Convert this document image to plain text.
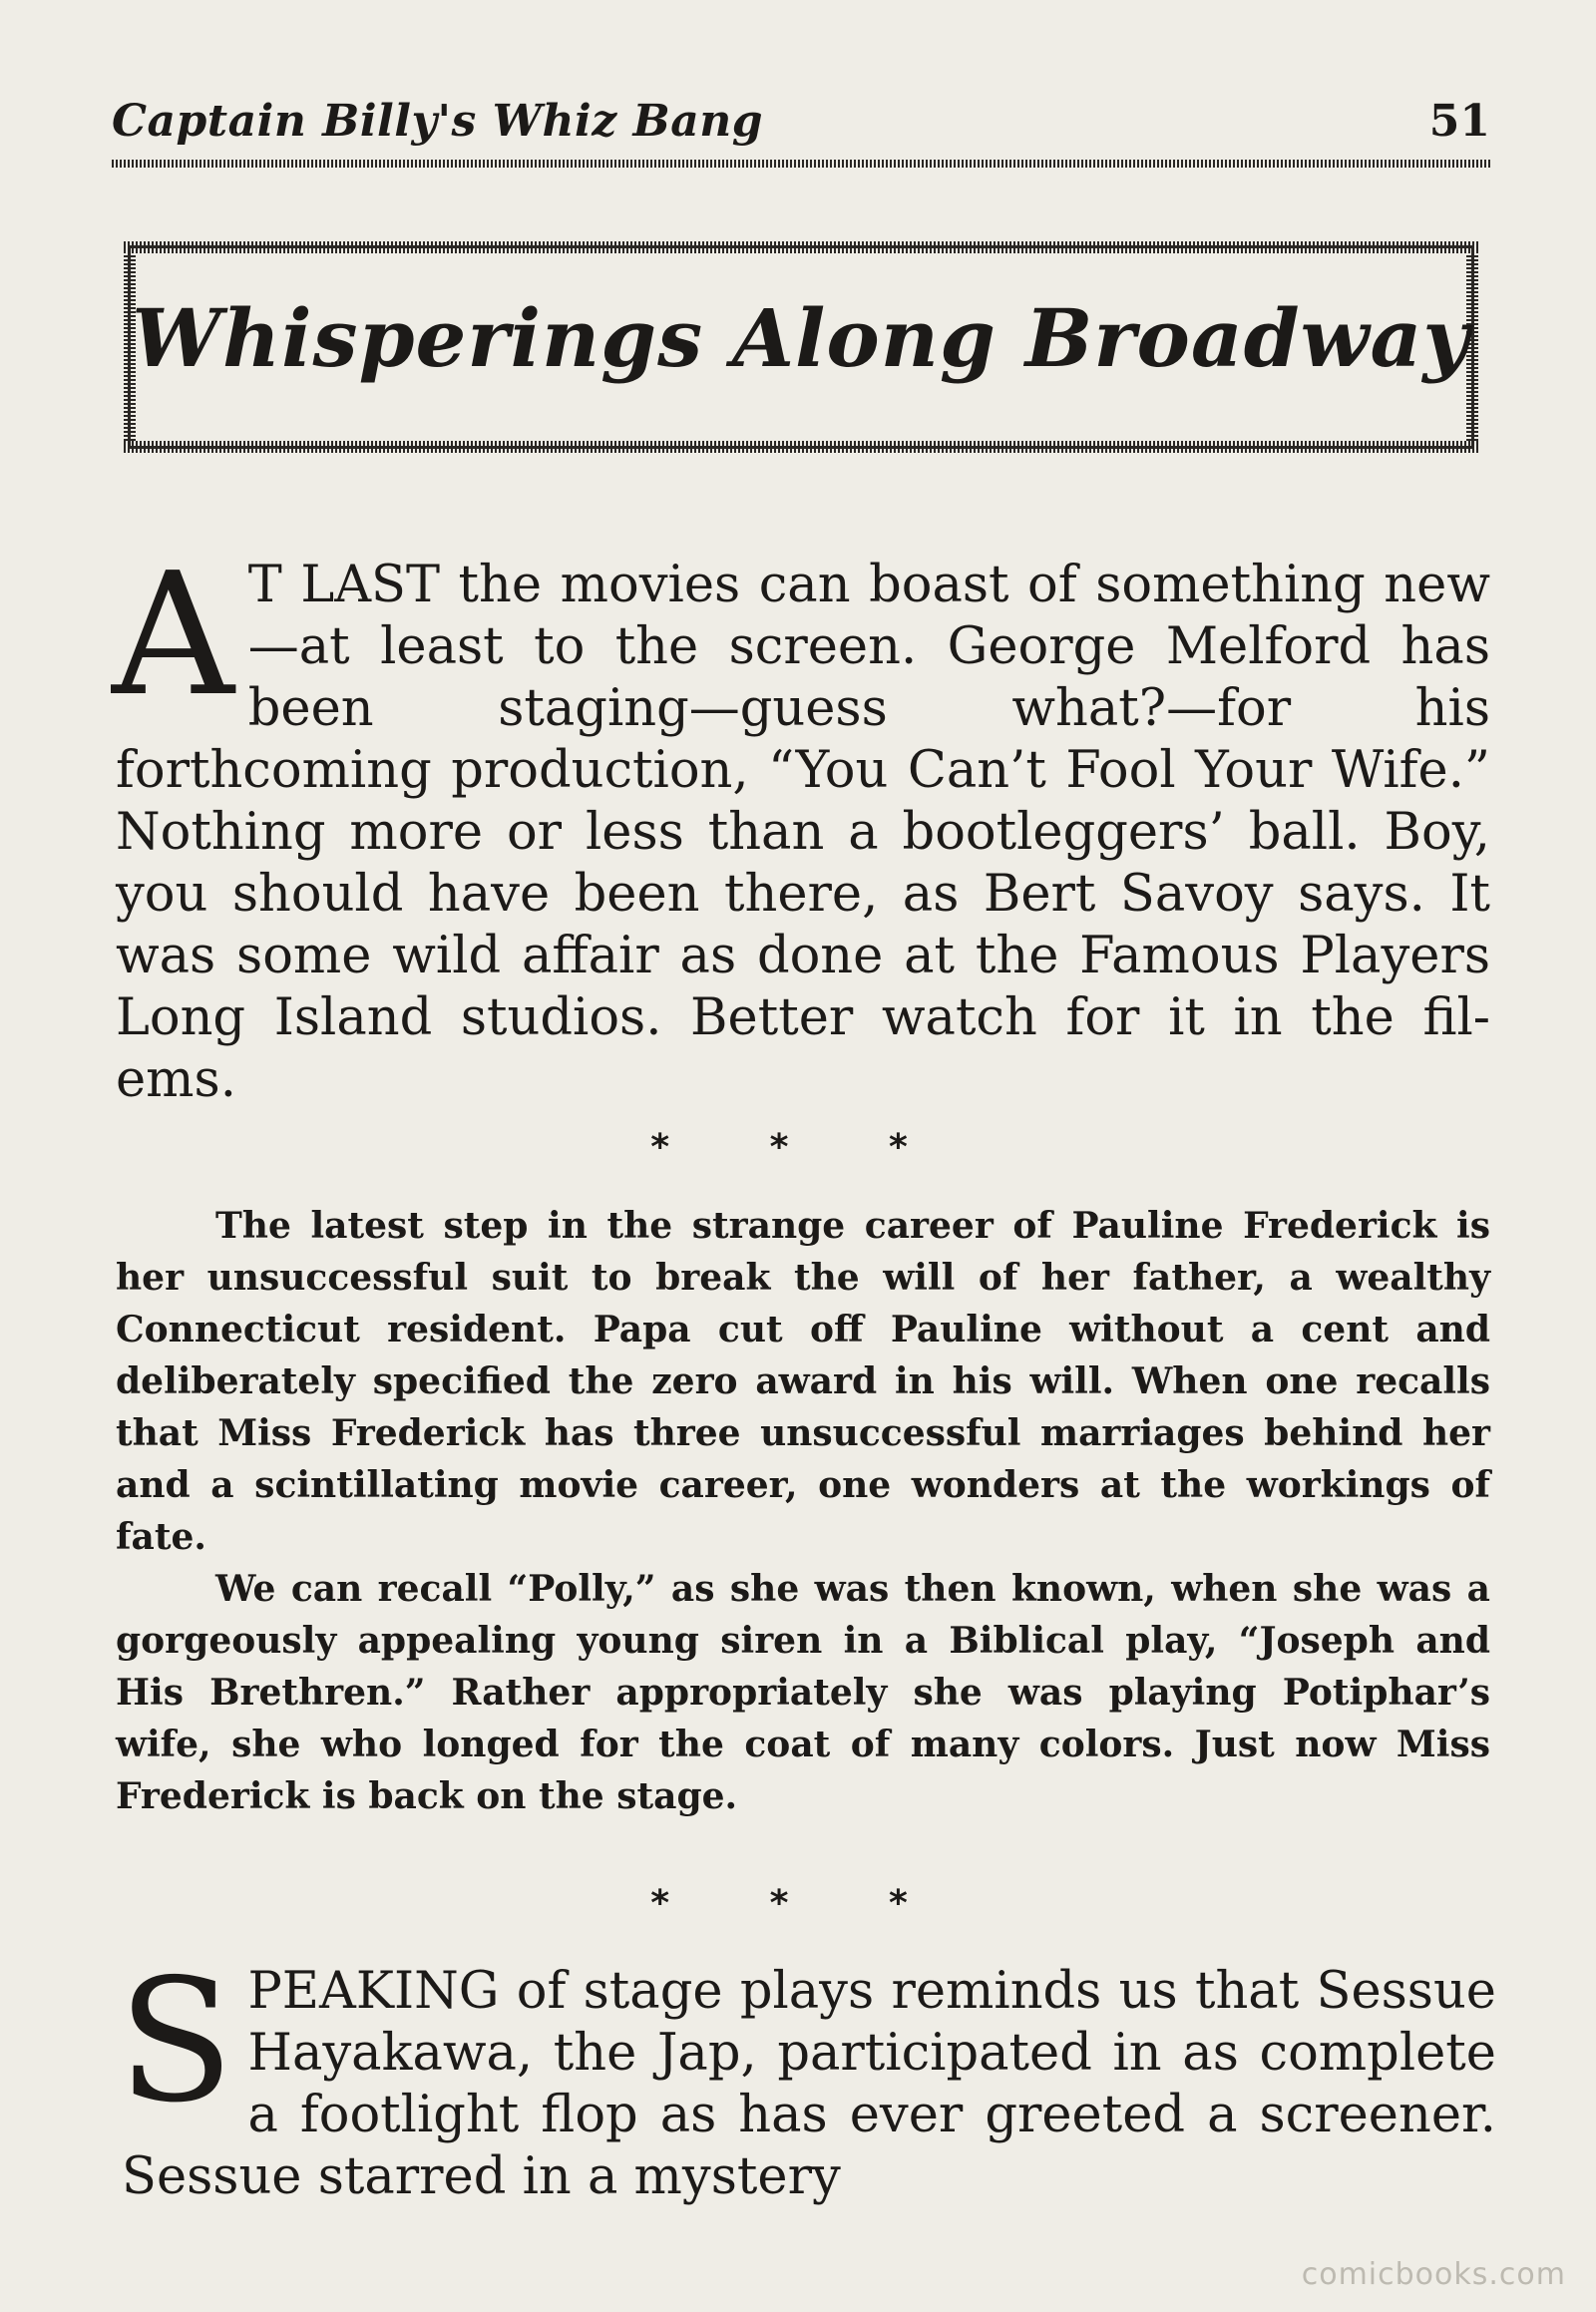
Captain Billy's Whiz Bang	51
Whisperings Along Broadway
A T LAST the movies can boast of something new—at least to the screen. George Melford has been staging—guess what?—for his forthcoming production, “You Can’t Fool Your Wife.” Nothing more or less than a bootleggers’ ball. Boy, you should have been there, as Bert Savoy says. It was some wild affair as done at the Famous Players Long Island studios. Better watch for it in the fil-ems.
* * *
The latest step in the strange career of Pauline Frederick is her unsuccessful suit to break the will of her father, a wealthy Connecticut resident. Papa cut off Pauline without a cent and deliberately specified the zero award in his will. When one recalls that Miss Frederick has three unsuccessful marriages behind her and a scintillating movie career, one wonders at the workings of fate.
We can recall “Polly,” as she was then known, when she was a gorgeously appealing young siren in a Biblical play, “Joseph and His Brethren.” Rather appropriately she was playing Potiphar’s wife, she who longed for the coat of many colors. Just now Miss Frederick is back on the stage.
* * *
S PEAKING of stage plays reminds us that Sessue Hayakawa, the Jap, participated in as complete a footlight flop as has ever greeted a screener. Sessue starred in a mystery
comicbooks.com
